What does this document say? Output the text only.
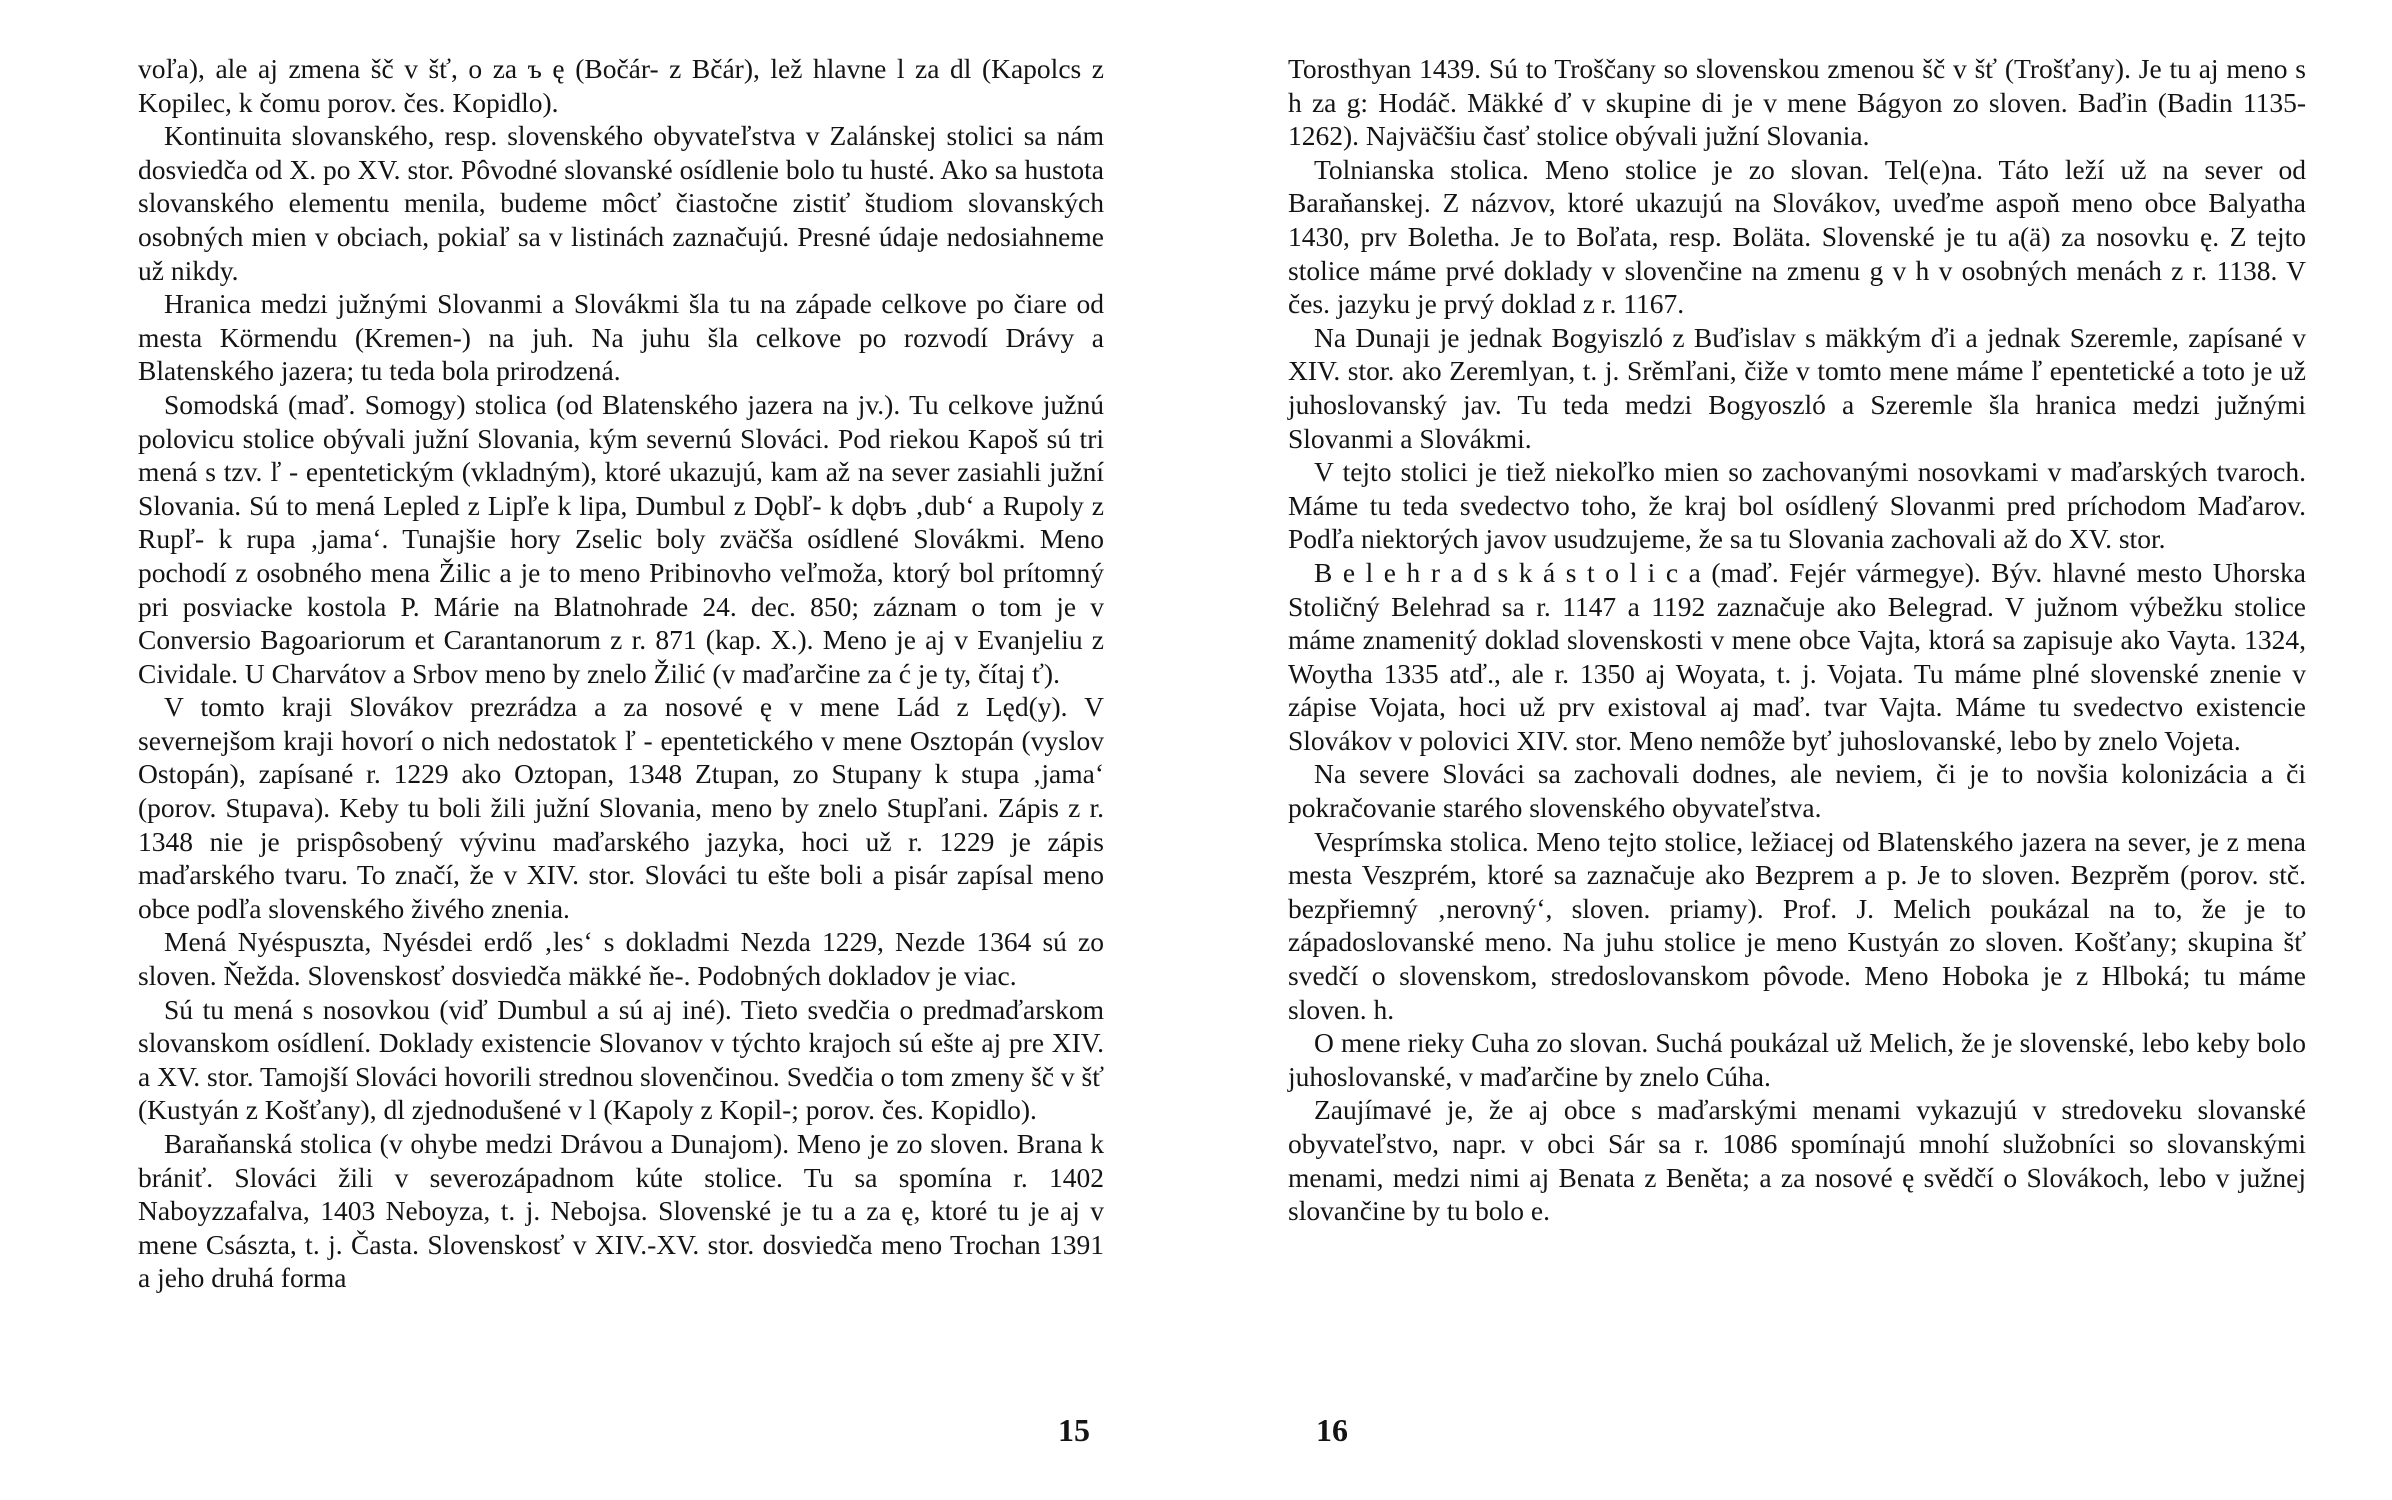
voľa), ale aj zmena šč v šť, o za ъ ę (Bočár- z Bčár), lež hlavne l za dl (Kapolcs z Kopilec, k čomu porov. čes. Kopidlo).

Kontinuita slovanského, resp. slovenského obyvateľstva v Zalánskej stolici sa nám dosviedča od X. po XV. stor. Pôvodné slovanské osídlenie bolo tu husté. Ako sa hustota slovanského elementu menila, budeme môcť čiastočne zistiť študiom slovanských osobných mien v obciach, pokiaľ sa v listinách zaznačujú. Presné údaje nedosiahneme už nikdy.

Hranica medzi južnými Slovanmi a Slovákmi šla tu na západe celkove po čiare od mesta Körmendu (Kremen-) na juh. Na juhu šla celkove po rozvodí Drávy a Blatenského jazera; tu teda bola prirodzená.

Somodská (maď. Somogy) stolica (od Blatenského jazera na jv.). Tu celkove južnú polovicu stolice obývali južní Slovania, kým severnú Slováci. Pod riekou Kapoš sú tri mená s tzv. ľ - epentetickým (vkladným), ktoré ukazujú, kam až na sever zasiahli južní Slovania. Sú to mená Lepled z Lipľe k lipa, Dumbul z Dǫbľ- k dǫbъ ‚dub‘ a Rupoly z Rupľ- k rupa ‚jama‘. Tunajšie hory Zselic boly zväčša osídlené Slovákmi. Meno pochodí z osobného mena Žilic a je to meno Pribinovho veľmoža, ktorý bol prítomný pri posviacke kostola P. Márie na Blatnohrade 24. dec. 850; záznam o tom je v Conversio Bagoariorum et Carantanorum z r. 871 (kap. X.). Meno je aj v Evanjeliu z Cividale. U Charvátov a Srbov meno by znelo Žilić (v maďarčine za ć je ty, čítaj ť).

V tomto kraji Slovákov prezrádza a za nosové ę v mene Lád z Lęd(y). V severnejšom kraji hovorí o nich nedostatok ľ - epentetického v mene Osztopán (vyslov Ostopán), zapísané r. 1229 ako Oztopan, 1348 Ztupan, zo Stupany k stupa ‚jama‘ (porov. Stupava). Keby tu boli žili južní Slovania, meno by znelo Stupľani. Zápis z r. 1348 nie je prispôsobený vývinu maďarského jazyka, hoci už r. 1229 je zápis maďarského tvaru. To značí, že v XIV. stor. Slováci tu ešte boli a pisár zapísal meno obce podľa slovenského živého znenia.

Mená Nyéspuszta, Nyésdei erdő ‚les‘ s dokladmi Nezda 1229, Nezde 1364 sú zo sloven. Ňežda. Slovenskosť dosviedča mäkké ňe-. Podobných dokladov je viac.

Sú tu mená s nosovkou (viď Dumbul a sú aj iné). Tieto svedčia o predmaďarskom slovanskom osídlení. Doklady existencie Slovanov v týchto krajoch sú ešte aj pre XIV. a XV. stor. Tamojší Slováci hovorili strednou slovenčinou. Svedčia o tom zmeny šč v šť (Kustyán z Košťany), dl zjednodušené v l (Kapoly z Kopil-; porov. čes. Kopidlo).

Baraňanská stolica (v ohybe medzi Drávou a Dunajom). Meno je zo sloven. Brana k brániť. Slováci žili v severozápadnom kúte stolice. Tu sa spomína r. 1402 Naboyzzafalva, 1403 Neboyza, t. j. Nebojsa. Slovenské je tu a za ę, ktoré tu je aj v mene Császta, t. j. Časta. Slovenskosť v XIV.-XV. stor. dosviedča meno Trochan 1391 a jeho druhá forma

15

Torosthyan 1439. Sú to Troščany so slovenskou zmenou šč v šť (Trošťany). Je tu aj meno s h za g: Hodáč. Mäkké ď v skupine di je v mene Bágyon zo sloven. Baďin (Badin 1135-1262). Najväčšiu časť stolice obývali južní Slovania.

Tolnianska stolica. Meno stolice je zo slovan. Tel(e)na. Táto leží už na sever od Baraňanskej. Z názvov, ktoré ukazujú na Slovákov, uveďme aspoň meno obce Balyatha 1430, prv Boletha. Je to Boľata, resp. Boläta. Slovenské je tu a(ä) za nosovku ę. Z tejto stolice máme prvé doklady v slovenčine na zmenu g v h v osobných menách z r. 1138. V čes. jazyku je prvý doklad z r. 1167.

Na Dunaji je jednak Bogyiszló z Buďislav s mäkkým ďi a jednak Szeremle, zapísané v XIV. stor. ako Zeremlyan, t. j. Srěmľani, čiže v tomto mene máme ľ epentetické a toto je už juhoslovanský jav. Tu teda medzi Bogyoszló a Szeremle šla hranica medzi južnými Slovanmi a Slovákmi.

V tejto stolici je tiež niekoľko mien so zachovanými nosovkami v maďarských tvaroch. Máme tu teda svedectvo toho, že kraj bol osídlený Slovanmi pred príchodom Maďarov. Podľa niektorých javov usudzujeme, že sa tu Slovania zachovali až do XV. stor.

B e l e h r a d s k á s t o l i c a (maď. Fejér vármegye). Býv. hlavné mesto Uhorska Stoličný Belehrad sa r. 1147 a 1192 zaznačuje ako Belegrad. V južnom výbežku stolice máme znamenitý doklad slovenskosti v mene obce Vajta, ktorá sa zapisuje ako Vayta. 1324, Woytha 1335 atď., ale r. 1350 aj Woyata, t. j. Vojata. Tu máme plné slovenské znenie v zápise Vojata, hoci už prv existoval aj maď. tvar Vajta. Máme tu svedectvo existencie Slovákov v polovici XIV. stor. Meno nemôže byť juhoslovanské, lebo by znelo Vojeta.

Na severe Slováci sa zachovali dodnes, ale neviem, či je to novšia kolonizácia a či pokračovanie starého slovenského obyvateľstva.

Vesprímska stolica. Meno tejto stolice, ležiacej od Blatenského jazera na sever, je z mena mesta Veszprém, ktoré sa zaznačuje ako Bezprem a p. Je to sloven. Bezprěm (porov. stč. bezpřiemný ‚nerovný‘, sloven. priamy). Prof. J. Melich poukázal na to, že je to západoslovanské meno. Na juhu stolice je meno Kustyán zo sloven. Košťany; skupina šť svedčí o slovenskom, stredoslovanskom pôvode. Meno Hoboka je z Hlboká; tu máme sloven. h.

O mene rieky Cuha zo slovan. Suchá poukázal už Melich, že je slovenské, lebo keby bolo juhoslovanské, v maďarčine by znelo Cúha.

Zaujímavé je, že aj obce s maďarskými menami vykazujú v stredoveku slovanské obyvateľstvo, napr. v obci Sár sa r. 1086 spomínajú mnohí služobníci so slovanskými menami, medzi nimi aj Benata z Beněta; a za nosové ę svědčí o Slovákoch, lebo v južnej slovančine by tu bolo e.

16
